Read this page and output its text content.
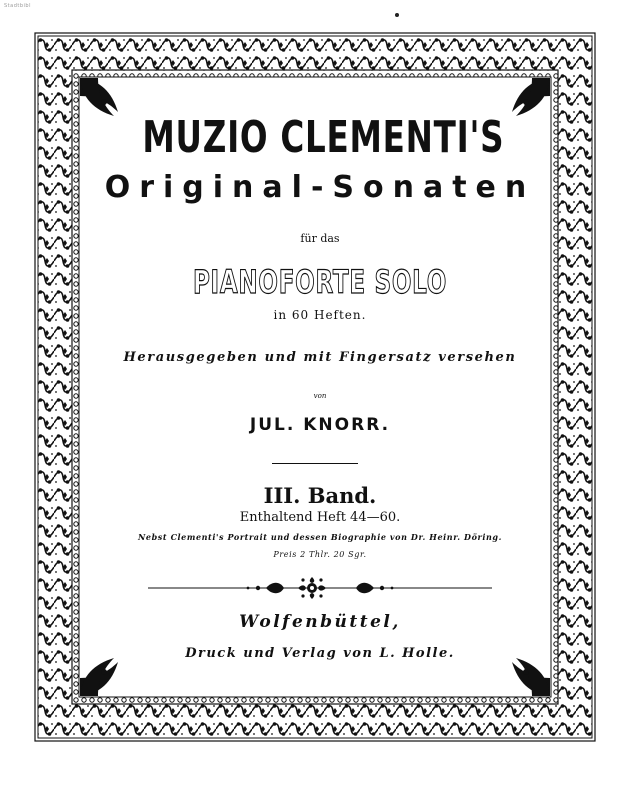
Stadtbibl
MUZIO CLEMENTI'S
Original-Sonaten
für das
PIANOFORTE SOLO
in 60 Heften.
Herausgegeben und mit Fingersatz versehen
von
JUL. KNORR.
III. Band.
Enthaltend Heft 44—60.
Nebst Clementi's Portrait und dessen Biographie von Dr. Heinr. Döring.
Preis 2 Thlr. 20 Sgr.
Wolfenbüttel,
Druck und Verlag von L. Holle.
